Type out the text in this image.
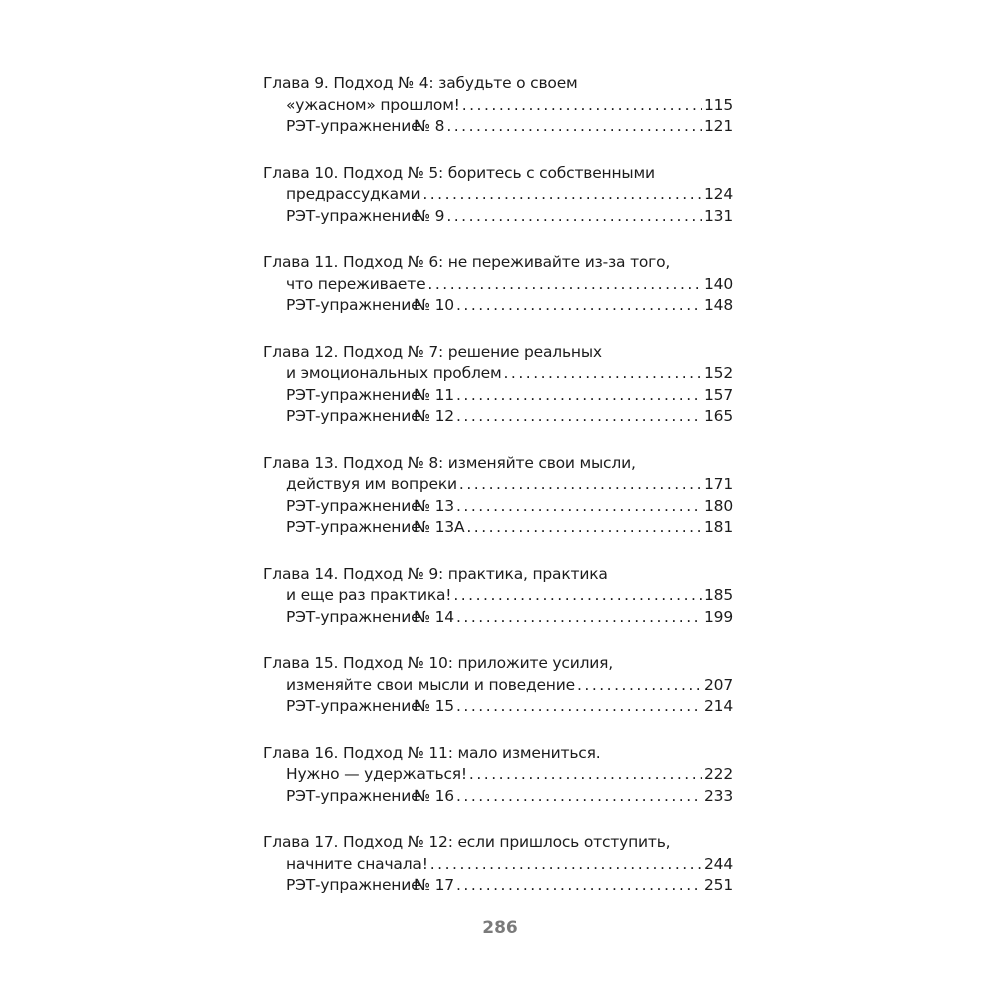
Глава 9. Подход № 4: забудьте о своем
«ужасном» прошлом! .....	115
РЭТ-упражнение№ 8 .....	121
Глава 10. Подход № 5: боритесь с собственными
предрассудками .....	124
РЭТ-упражнение№ 9 .....	131
Глава 11. Подход № 6: не переживайте из-за того,
что переживаете .....	140
РЭТ-упражнение№ 10 .....	148
Глава 12. Подход № 7: решение реальных
и эмоциональных проблем .....	152
РЭТ-упражнение№ 11 .....	157
РЭТ-упражнение№ 12 .....	165
Глава 13. Подход № 8: изменяйте свои мысли,
действуя им вопреки .....	171
РЭТ-упражнение№ 13 .....	180
РЭТ-упражнение№ 13А .....	181
Глава 14. Подход № 9: практика, практика
и еще раз практика! .....	185
РЭТ-упражнение№ 14 .....	199
Глава 15. Подход № 10: приложите усилия,
изменяйте свои мысли и поведение .....	207
РЭТ-упражнение№ 15 .....	214
Глава 16. Подход № 11: мало измениться.
Нужно — удержаться! .....	222
РЭТ-упражнение№ 16 .....	233
Глава 17. Подход № 12: если пришлось отступить,
начните сначала! .....	244
РЭТ-упражнение№ 17 .....	251
286
